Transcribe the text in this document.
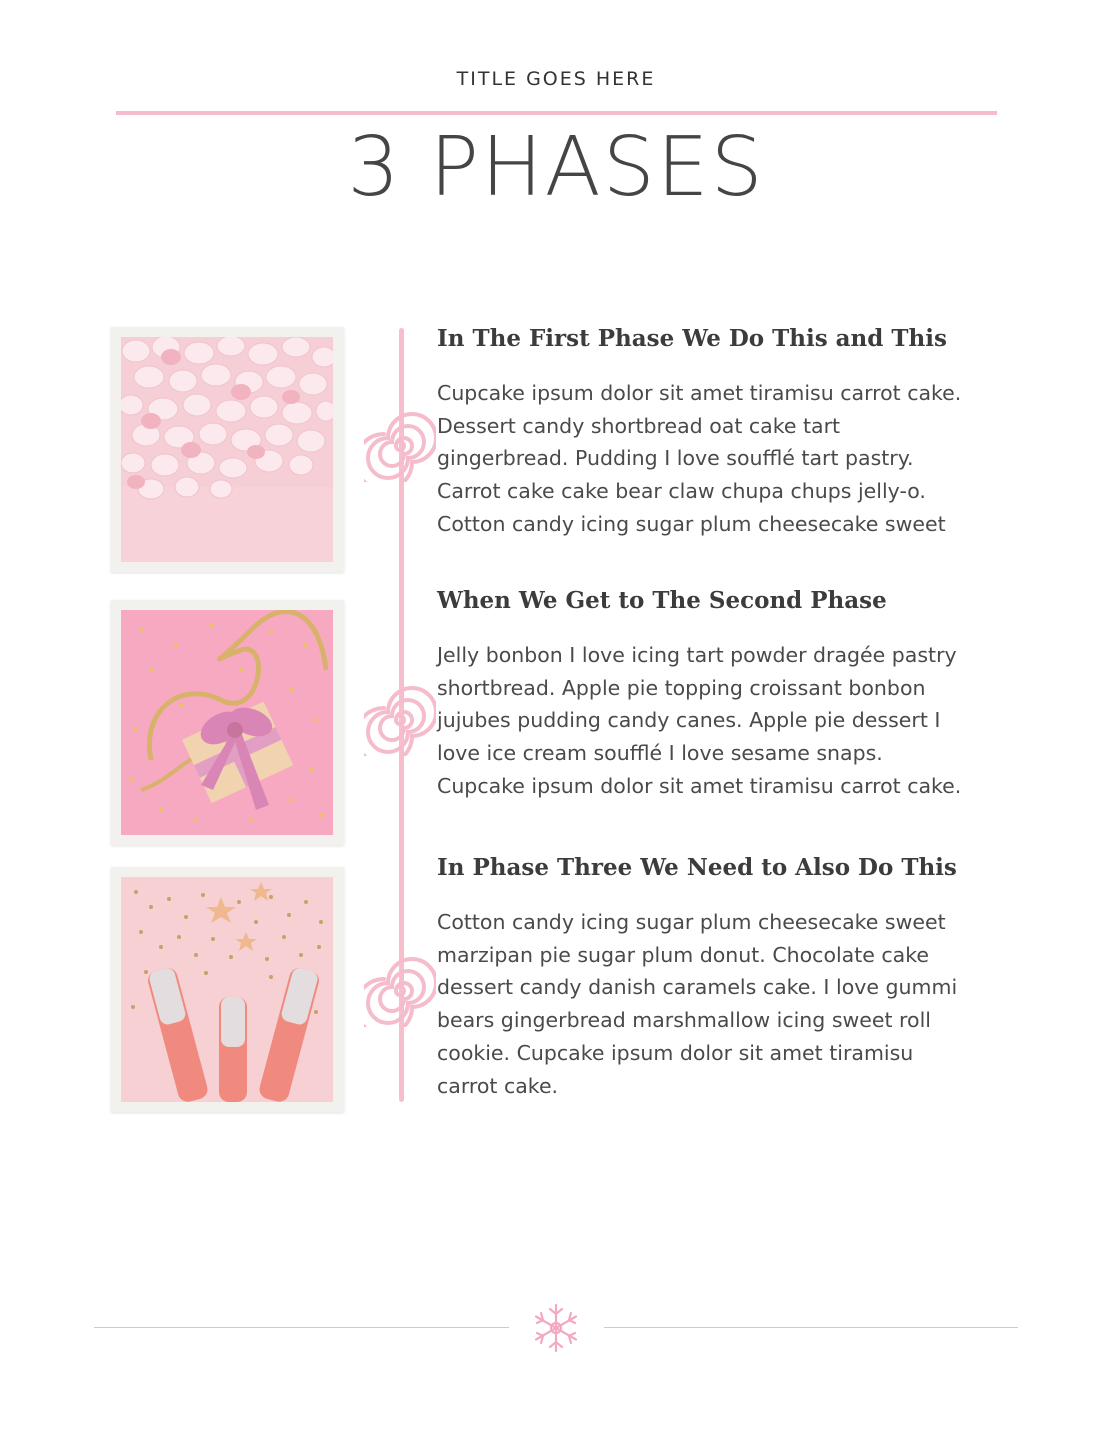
TITLE GOES HERE
3 PHASES
In The First Phase We Do This and This
Cupcake ipsum dolor sit amet tiramisu carrot cake.
Dessert candy shortbread oat cake tart
gingerbread. Pudding I love soufflé tart pastry.
Carrot cake cake bear claw chupa chups jelly-o.
Cotton candy icing sugar plum cheesecake sweet
When We Get to The Second Phase
Jelly bonbon I love icing tart powder dragée pastry
shortbread. Apple pie topping croissant bonbon
jujubes pudding candy canes. Apple pie dessert I
love ice cream soufflé I love sesame snaps.
Cupcake ipsum dolor sit amet tiramisu carrot cake.
In Phase Three We Need to Also Do This
Cotton candy icing sugar plum cheesecake sweet
marzipan pie sugar plum donut. Chocolate cake
dessert candy danish caramels cake. I love gummi
bears gingerbread marshmallow icing sweet roll
cookie. Cupcake ipsum dolor sit amet tiramisu
carrot cake.
